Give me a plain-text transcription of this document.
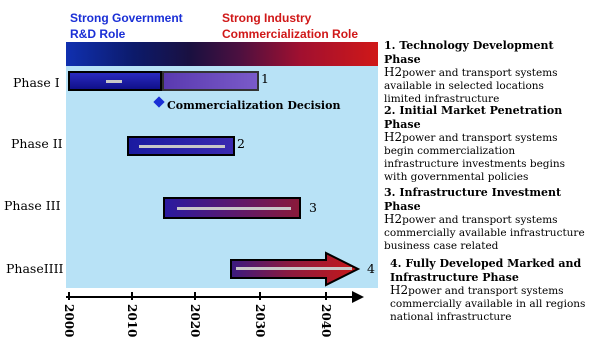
Strong Government
R&D Role
Strong Industry
Commercialization Role
Phase I
Phase II
Phase III
PhaseIIII
1
Commercialization Decision
2
3
4
2000	2010	2020	2030	2040
1. Technology Development Phase
H2power and transport systems
available in selected locations
limited infrastructure
2. Initial Market Penetration Phase
H2power and transport systems
begin commercialization
infrastructure investments begins
with governmental policies
3. Infrastructure Investment Phase
H2power and transport systems
commercially available infrastructure
business case related
4. Fully Developed Marked and
Infrastructure Phase
H2power and transport systems
commercially available in all regions
national infrastructure
